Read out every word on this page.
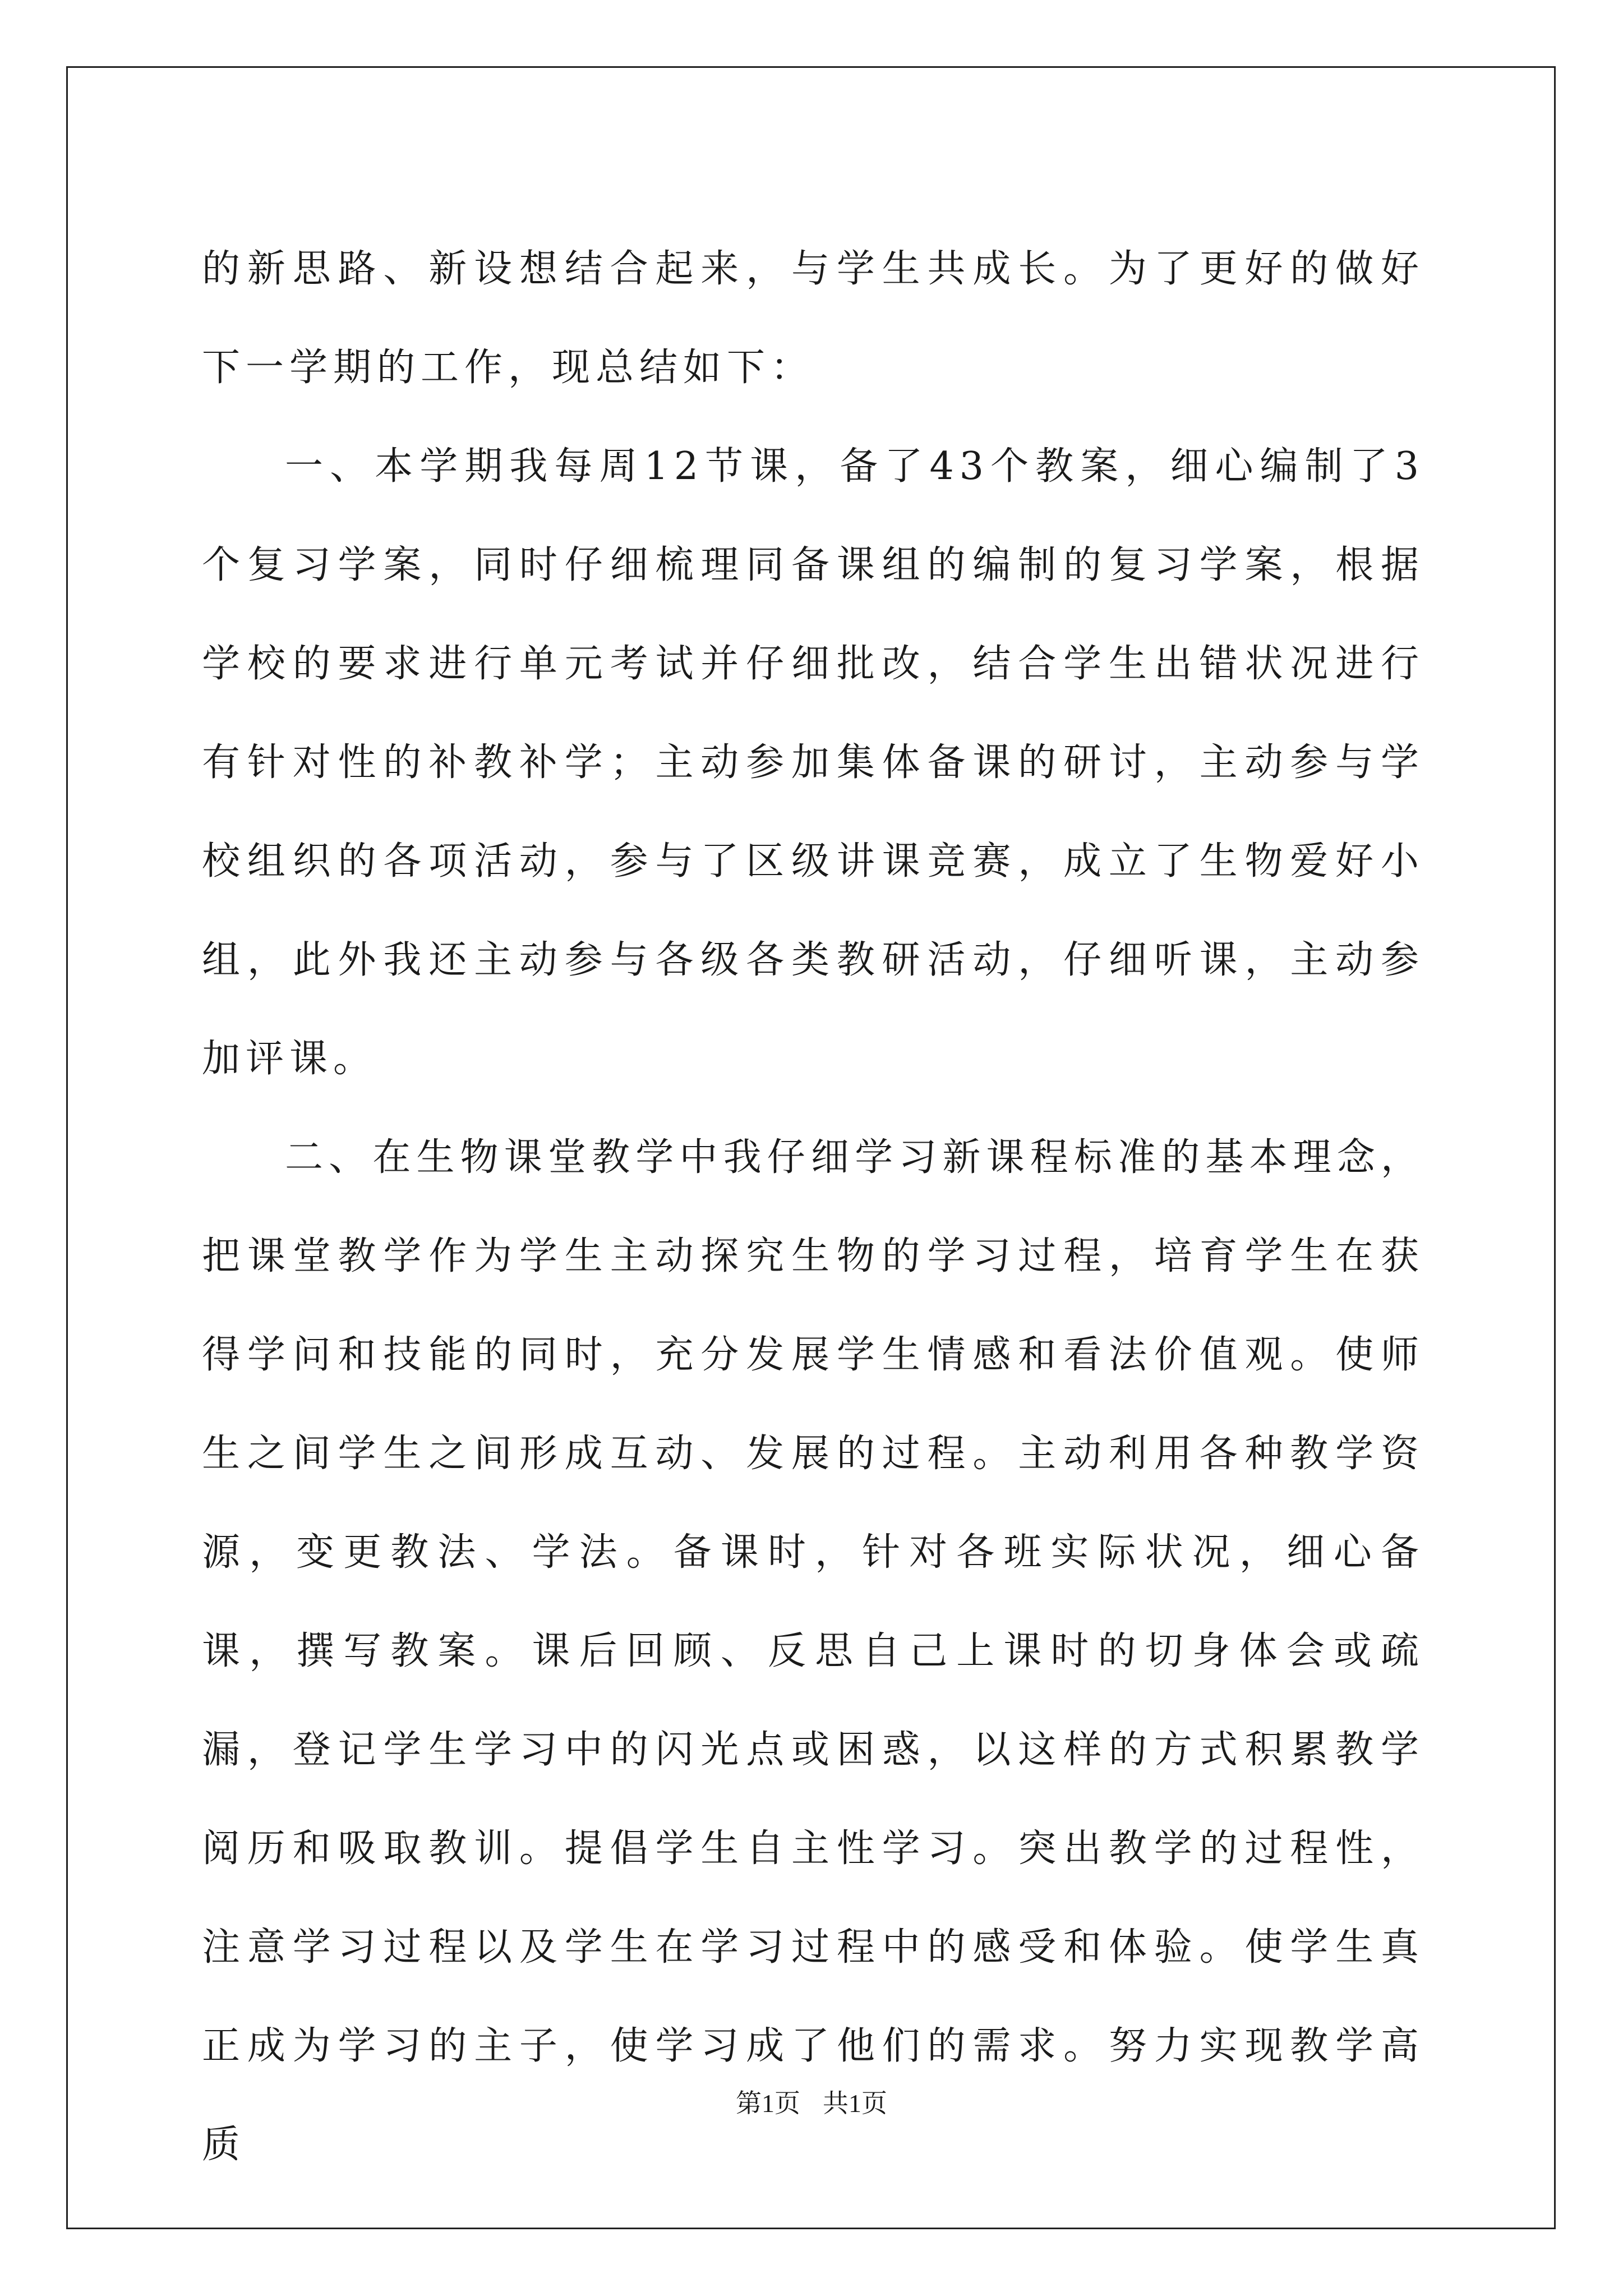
的新思路、新设想结合起来，与学生共成长。为了更好的做好下一学期的工作，现总结如下：

一、本学期我每周12节课，备了43个教案，细心编制了3个复习学案，同时仔细梳理同备课组的编制的复习学案，根据学校的要求进行单元考试并仔细批改，结合学生出错状况进行有针对性的补教补学；主动参加集体备课的研讨，主动参与学校组织的各项活动，参与了区级讲课竞赛，成立了生物爱好小组，此外我还主动参与各级各类教研活动，仔细听课，主动参加评课。

二、在生物课堂教学中我仔细学习新课程标准的基本理念，把课堂教学作为学生主动探究生物的学习过程，培育学生在获得学问和技能的同时，充分发展学生情感和看法价值观。使师生之间学生之间形成互动、发展的过程。主动利用各种教学资源，变更教法、学法。备课时，针对各班实际状况，细心备课，撰写教案。课后回顾、反思自己上课时的切身体会或疏漏，登记学生学习中的闪光点或困惑，以这样的方式积累教学阅历和吸取教训。提倡学生自主性学习。突出教学的过程性，注意学习过程以及学生在学习过程中的感受和体验。使学生真正成为学习的主子，使学习成了他们的需求。努力实现教学高质

第1页 共1页
